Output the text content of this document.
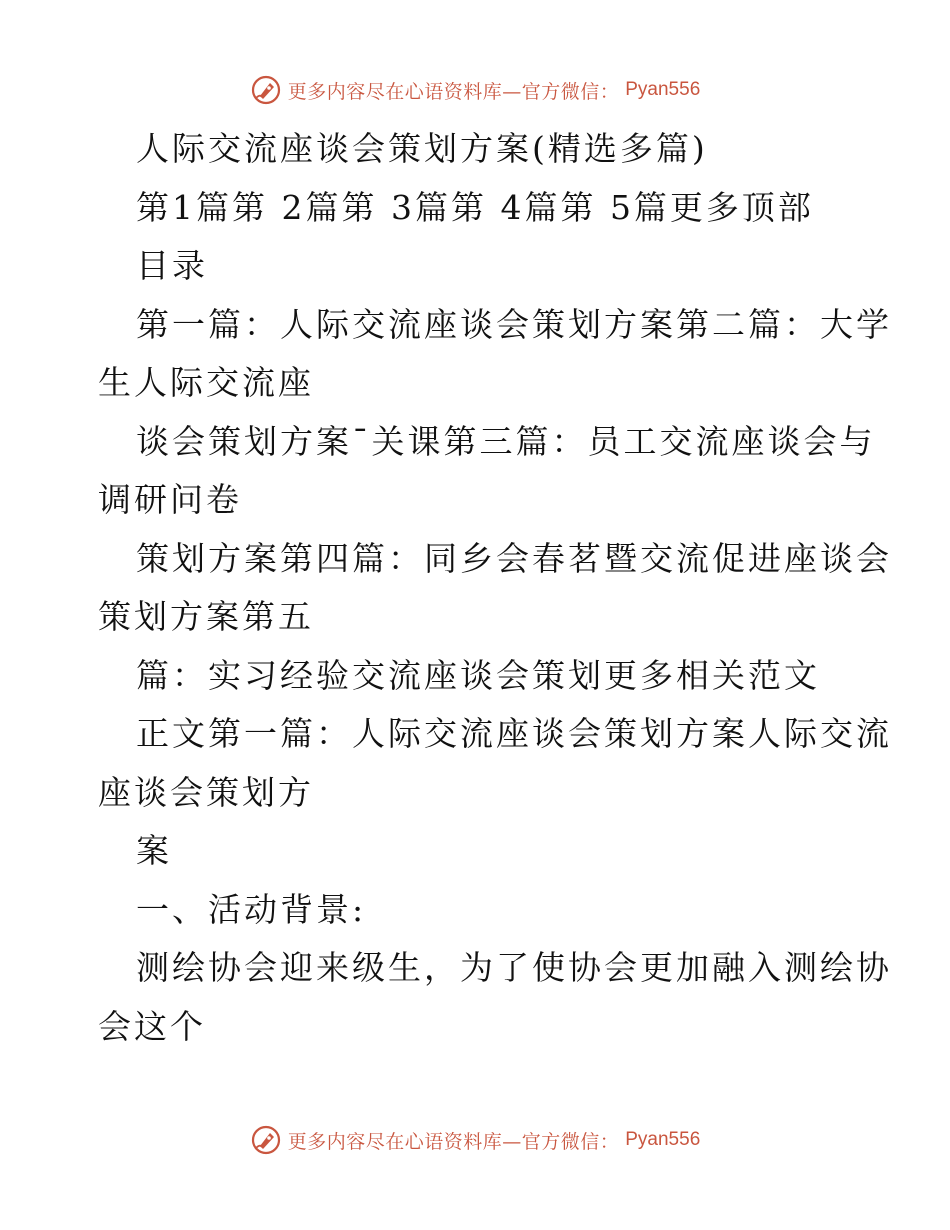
更多内容尽在心语资料库—官方微信： Pyan556
人际交流座谈会策划方案(精选多篇)
第1篇第 2篇第 3篇第 4篇第 5篇更多顶部
目录
第一篇：人际交流座谈会策划方案第二篇：大学
生人际交流座
谈会策划方案¯关课第三篇：员工交流座谈会与
调研问卷
策划方案第四篇：同乡会春茗暨交流促进座谈会
策划方案第五
篇：实习经验交流座谈会策划更多相关范文
正文第一篇：人际交流座谈会策划方案人际交流
座谈会策划方
案
一、活动背景:
测绘协会迎来级生，为了使协会更加融入测绘协
会这个
更多内容尽在心语资料库—官方微信： Pyan556
